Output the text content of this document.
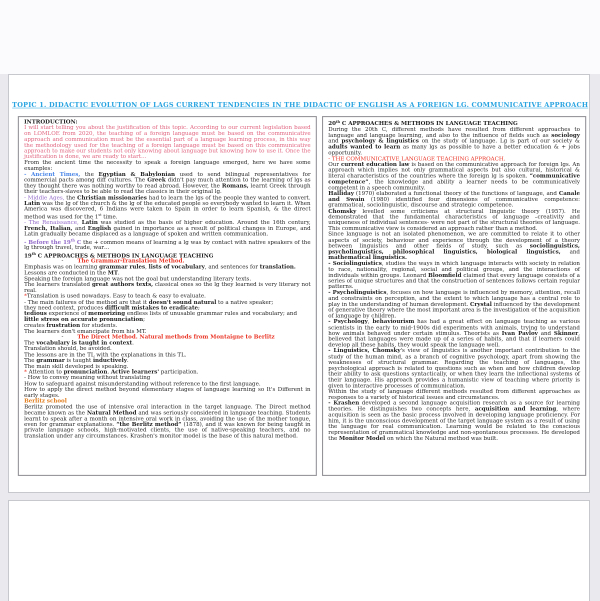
TOPIC 1. DIDACTIC EVOLUTION OF LAGS CURRENT TENDENCIES IN THE DIDACTIC OF ENGLISH AS A FOREIGN LG. COMMUNICATIVE APPROACH

INTRODUCTION:

I will start telling you about the justification of this topic. According to our current legislation based on LOMLOE from 2020, the teaching of a foreign language must be based on the communicative approach and communication must be the essential part of a language learning process, in this way the methodology used for the teaching of a foreign language must be based on this communicative approach to make our students not only knowing about language but knowing how to use it. Once the justification is done, we are ready to start…

From the ancient time the necessity to speak a foreign language emerged, here we have some examples:

- Ancient Times, the Egyptian & Babylonian used to send bilingual representatives for commercial pacts among diff cultures. The Greek didn't pay much attention to the learning of lgs as they thought there was nothing worthy to read abroad. However, the Romans, learnt Greek through their teachers-slaves to be able to read the classics in their original lg.

- Middle Ages, the Christian missionaries had to learn the lgs of the people they wanted to convert. Latin was the lg of the church & the lg of the educated people so everybody wanted to learn it. When America was discovered, 6 Indians were taken to Spain in order to learn Spanish, & the direct method was used for the 1st time.

- The Renaissance, Latin was studied as the basis of higher education. Around the 16th century, French, Italian, and English gained in importance as a result of political changes in Europe, and Latin gradually became displaced as a language of spoken and written communication.

- Before the 19th C the + common means of learning a lg was by contact with native speakers of the lg through travel, trade, war…

19th C APPROACHES & METHODS IN LANGUAGE TEACHING

-        The Grammar-Translation Method.

Emphasis was on learning grammar rules, lists of vocabulary, and sentences for translation.

Lessons are conducted in the MT.

Speaking the foreign language was not the goal but understanding literary texts.

The learners translated great authors texts, classical ones so the lg they learned is very literary not real.

*Translation is used nowadays. Easy to teach & easy to evaluate.

- The main failures of the method are that it doesn't sound natural to a native speaker;

they need context, produces difficult mistakes to eradicate;

tedious experience of memorizing endless lists of unusable grammar rules and vocabulary; and

little stress on accurate pronunciation;

creates frustration for students.

The learners don't emancipate from his MT.

-        The Direct Method. Natural methods from Montaigne to Berlitz

The vocabulary is taught in context.

Translation should, be avoided.

The lessons are in the TL with the explanations in this TL.

The grammar is taught inductively.

The main skill developed is speaking.

* Attention to pronunciation. Active learners' participation.

- How to convey meaning without translating

How to safeguard against misunderstanding without reference to the first language.

How to apply the direct method beyond elementary stages of language learning so It's Different in early stages.

Berlitz school

Berlitz promoted the use of intensive oral interaction in the target language. The Direct method became known as the Natural Method and was seriously considered in language teaching. Students learnt to speak after a month on intensive oral work in class, avoiding the use of the mother tongue, even for grammar explanations. “the Berlitz method” (1878), and it was known for being taught in private language schools, high-motivated clients, the use of native-speaking teachers, and no translation under any circumstances. Krashen's monitor model is the base of this natural method.

20th C APPROACHES & METHODS IN LANGUAGE TEACHING

During the 20th C, different methods have resulted from different approaches to language and language learning, and also to the influence of fields such as sociology and psychology & linguistics on the study of language. Lg is part of our society & adults wanted to learn as many lgs as possible to have a better education & + jobs opportunity.

- THE COMMUNICATIVE LANGUAGE TEACHING APPROACH.

Our current education law is based on the communicative approach for foreign lgs. An approach which implies not only grammatical aspects but also cultural, historical & literal characteristics of the countries where the foreign lg is spoken. “communicative competence”, the knowledge and ability a learner needs to be communicatively competent in a speech community.

Halliday (1970) elaborated a functional theory of the functions of language, and Canale and Swain (1980) identified four dimensions of communicative competence: grammatical, sociolinguistic, discourse and strategic competence.

Chomsky levelled some criticisms at structural linguistic theory (1957). He demonstrated that the fundamental characteristics of language –creativity and uniqueness of individual sentences- were not part of the structural theories of language. This communicative view is considered an approach rather than a method.

Since language is not an isolated phenomenon, we are committed to relate it to other aspects of society, behaviour and experience through the development of a theory between linguistics and other fields of study, such as sociolinguistics, psycholinguistics, philosophical linguistics, biological linguistics, and mathematical linguistics.

- Sociolinguistics, studies the ways in which language interacts with society in relation to race, nationality, regional, social and political groups, and the interactions of individuals within groups. Leonard Bloomfield claimed that every language consists of a series of unique structures and that the construction of sentences follows certain regular patterns.

- Psycholinguistics, focuses on how language is influenced by memory, attention, recall and constraints on perception, and the extent to which language has a central role to play in the understanding of human development. Crystal influenced by the development of generative theory where the most important area is the investigation of the acquisition of language by children.

- Psychology, behaviourism has had a great effect on language teaching as various scientists in the early to mid-1900s did experiments with animals, trying to understand how animals behaved under certain stimulus. Theorists as Ivan Pavlov and Skinner, believed that languages were made up of a series of habits, and that if learners could develop all these habits, they would speak the language well.

- Linguistics, Chomsky's view of linguistics is another important contribution to the study of the human mind, as a branch of cognitive psychology, apart from showing the weaknesses of structural grammar. Regarding the teaching of languages, the psychological approach is related to questions such as when and how children develop their ability to ask questions syntactically, or when they learn the inflectional systems of their language. His approach provides a humanistic view of teaching where priority is given to interactive processes of communication.

Within the study of language different methods resulted from different approaches as responses to a variety of historical issues and circumstances.

- Krashen developed a second language acquisition research as a source for learning theories. He distinguishes two concepts here, acquisition and learning, where acquisition is seen as the basic process involved in developing language proficiency. For him, it is the unconscious development of the target language system as a result of using the language for real communication. Learning would be related to the conscious representation of grammatical knowledge and non-spontaneous processes. He developed the Monitor Model on which the Natural method was built.
